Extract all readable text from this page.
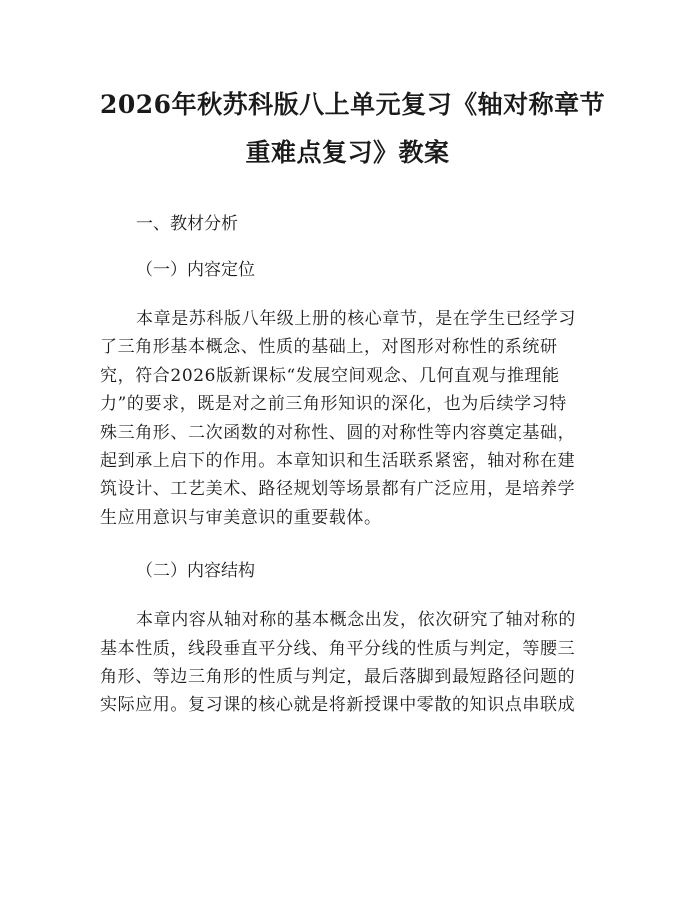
2026年秋苏科版八上单元复习《轴对称章节
重难点复习》教案

一、教材分析

（一）内容定位

本章是苏科版八年级上册的核心章节，是在学生已经学习
了三角形基本概念、性质的基础上，对图形对称性的系统研
究，符合2026版新课标“发展空间观念、几何直观与推理能
力”的要求，既是对之前三角形知识的深化，也为后续学习特
殊三角形、二次函数的对称性、圆的对称性等内容奠定基础，
起到承上启下的作用。本章知识和生活联系紧密，轴对称在建
筑设计、工艺美术、路径规划等场景都有广泛应用，是培养学
生应用意识与审美意识的重要载体。

（二）内容结构

本章内容从轴对称的基本概念出发，依次研究了轴对称的
基本性质，线段垂直平分线、角平分线的性质与判定，等腰三
角形、等边三角形的性质与判定，最后落脚到最短路径问题的
实际应用。复习课的核心就是将新授课中零散的知识点串联成
